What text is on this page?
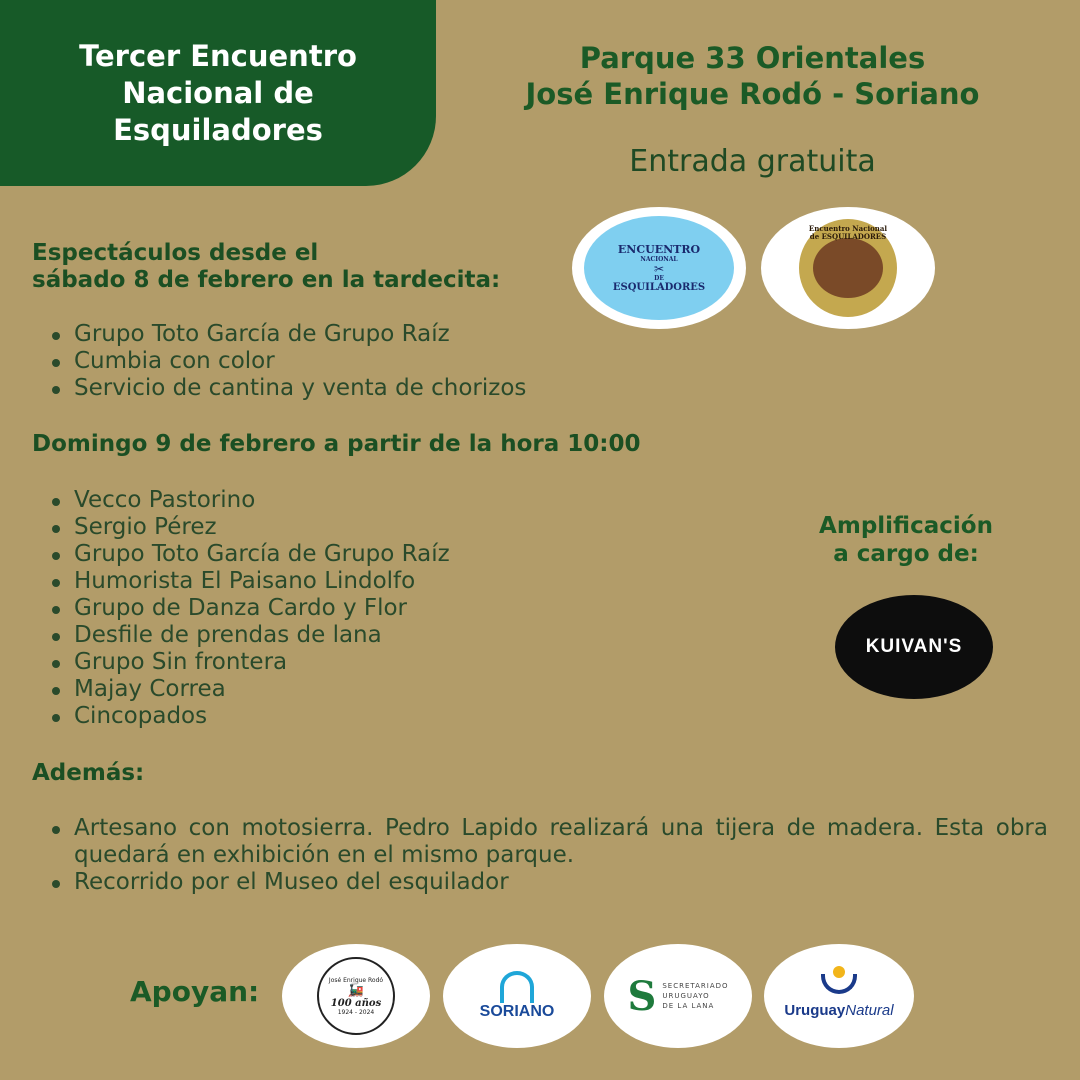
Tercer Encuentro
Nacional de
Esquiladores
Parque 33 Orientales
José Enrique Rodó - Soriano
Entrada gratuita
ENCUENTRO
NACIONAL
✂
DE
ESQUILADORES
Encuentro Nacional
de ESQUILADORES
Espectáculos desde el
sábado 8 de febrero en la tardecita:
Grupo Toto García de Grupo Raíz
Cumbia con color
Servicio de cantina y venta de chorizos
Domingo 9 de febrero a partir de la hora 10:00
Vecco Pastorino
Sergio Pérez
Grupo Toto García de Grupo Raíz
Humorista El Paisano Lindolfo
Grupo de Danza Cardo y Flor
Desfile de prendas de lana
Grupo Sin frontera
Majay Correa
Cincopados
Amplificación
a cargo de:
KUIVAN'S
Además:
Artesano con motosierra. Pedro Lapido realizará una tijera de madera. Esta obra quedará en exhibición en el mismo parque.
Recorrido por el Museo del esquilador
Apoyan:	José Enrique Rodó
🚂
100 años
1924 - 2024	SORIANO S SECRETARIADO
URUGUAYO
DE LA LANA	UruguayNatural
